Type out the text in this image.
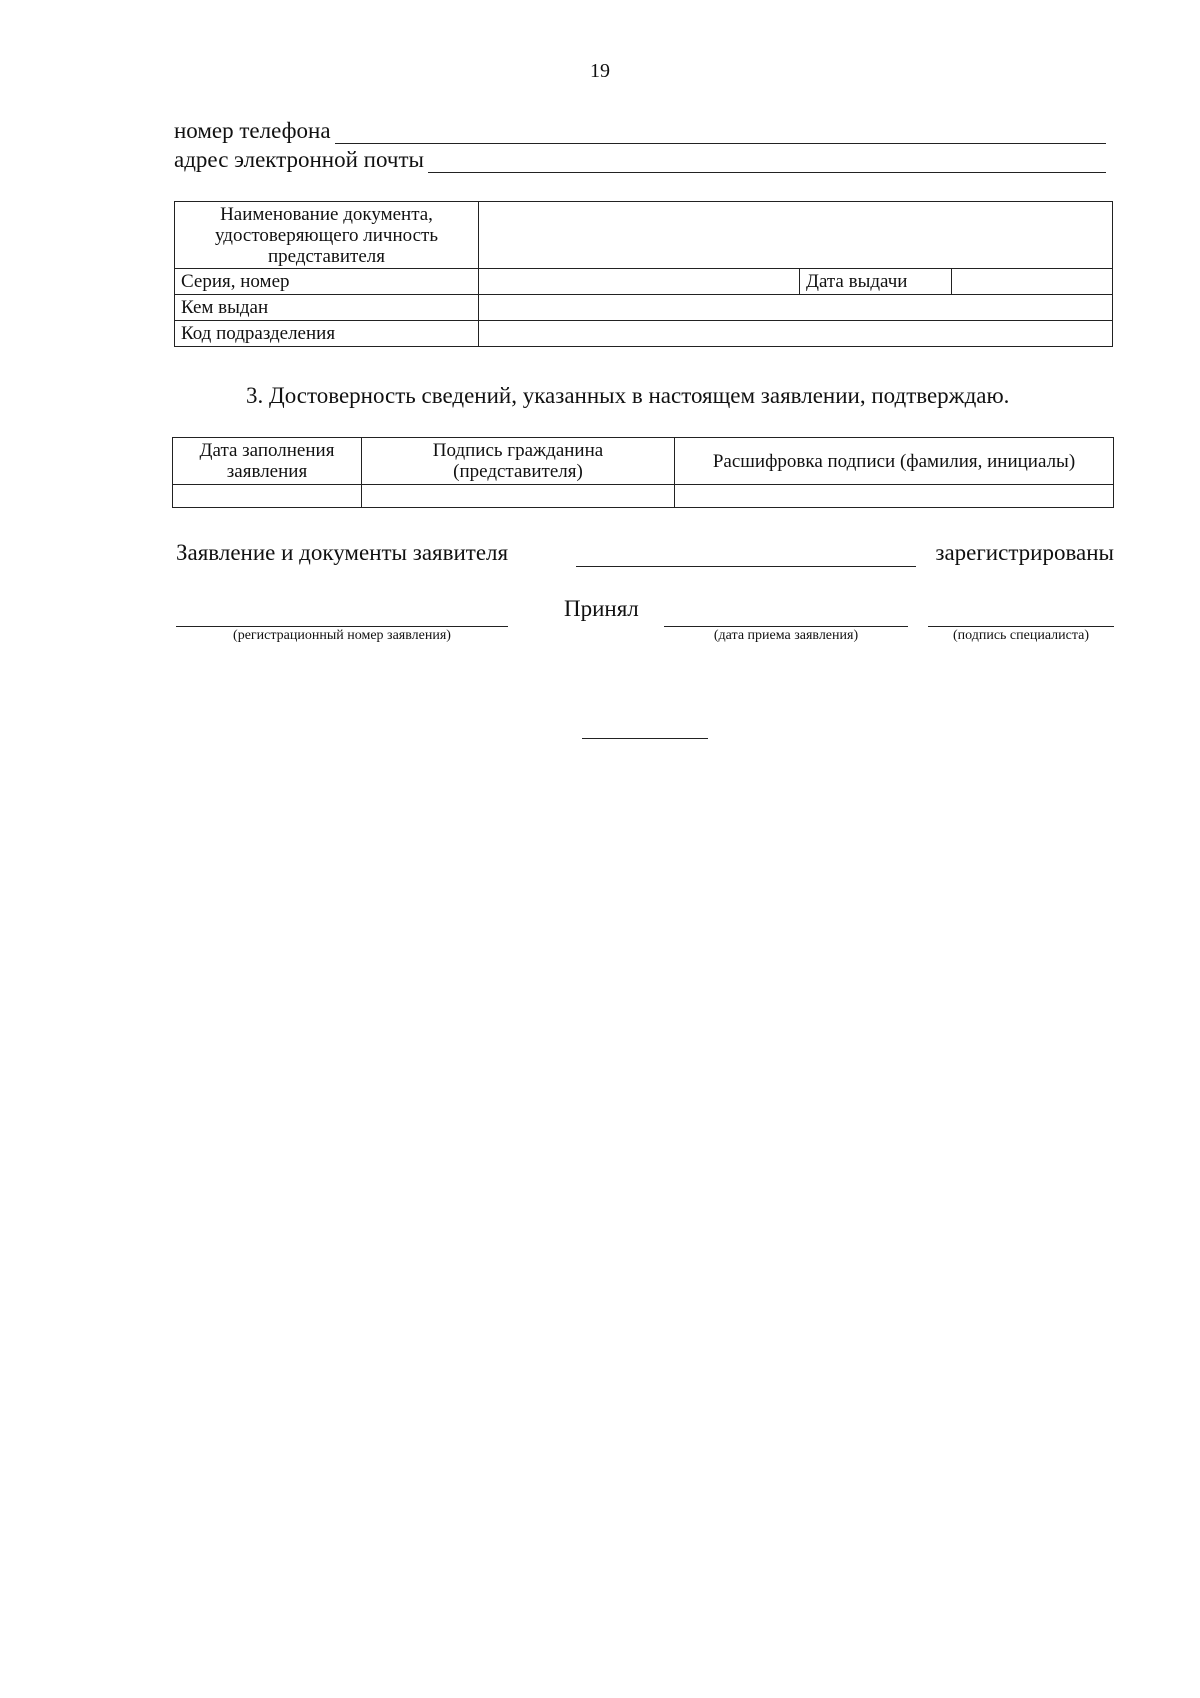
19
номер телефона
адрес электронной почты
Наименование документа, удостоверяющего личность представителя	
Серия, номер	Дата выдачи

Кем выдан	
Код подразделения	
3. Достоверность сведений, указанных в настоящем заявлении, подтверждаю.
Дата заполнения заявления	Подпись гражданина (представителя)	Расшифровка подписи (фамилия, инициалы)

Заявление и документы заявителя	зарегистрированы
(регистрационный номер заявления)
Принял
(дата приема заявления)	(подпись специалиста)
